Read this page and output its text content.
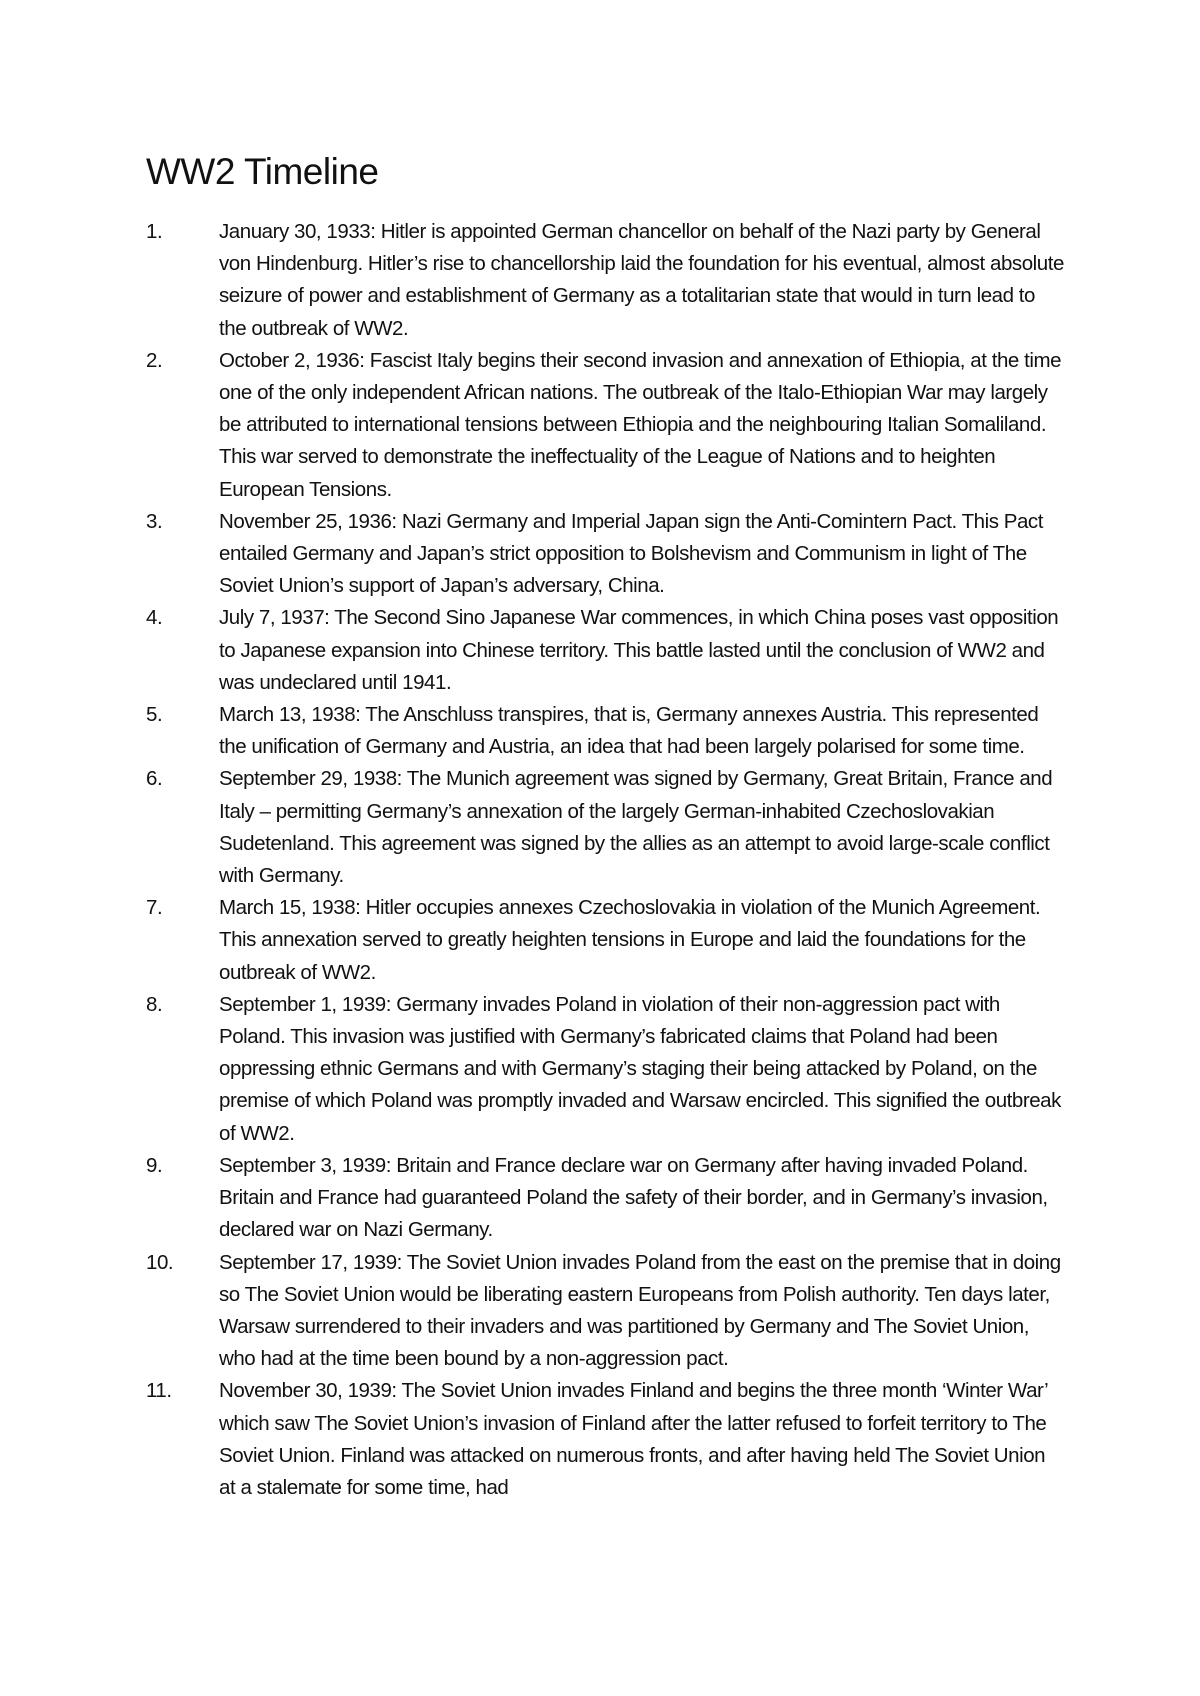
WW2 Timeline
1.	January 30, 1933: Hitler is appointed German chancellor on behalf of the Nazi party by General von Hindenburg. Hitler’s rise to chancellorship laid the foundation for his eventual, almost absolute seizure of power and establishment of Germany as a totalitarian state that would in turn lead to the outbreak of WW2.
2.	October 2, 1936: Fascist Italy begins their second invasion and annexation of Ethiopia, at the time one of the only independent African nations. The outbreak of the Italo-Ethiopian War may largely be attributed to international tensions between Ethiopia and the neighbouring Italian Somaliland. This war served to demonstrate the ineffectuality of the League of Nations and to heighten European Tensions.
3.	November 25, 1936: Nazi Germany and Imperial Japan sign the Anti-Comintern Pact. This Pact entailed Germany and Japan’s strict opposition to Bolshevism and Communism in light of The Soviet Union’s support of Japan’s adversary, China.
4.	July 7, 1937: The Second Sino Japanese War commences, in which China poses vast opposition to Japanese expansion into Chinese territory. This battle lasted until the conclusion of WW2 and was undeclared until 1941.
5.	March 13, 1938: The Anschluss transpires, that is, Germany annexes Austria. This represented the unification of Germany and Austria, an idea that had been largely polarised for some time.
6.	September 29, 1938: The Munich agreement was signed by Germany, Great Britain, France and Italy – permitting Germany’s annexation of the largely German-inhabited Czechoslovakian Sudetenland. This agreement was signed by the allies as an attempt to avoid large-scale conflict with Germany.
7.	March 15, 1938: Hitler occupies annexes Czechoslovakia in violation of the Munich Agreement. This annexation served to greatly heighten tensions in Europe and laid the foundations for the outbreak of WW2.
8.	September 1, 1939: Germany invades Poland in violation of their non-aggression pact with Poland. This invasion was justified with Germany’s fabricated claims that Poland had been oppressing ethnic Germans and with Germany’s staging their being attacked by Poland, on the premise of which Poland was promptly invaded and Warsaw encircled. This signified the outbreak of WW2.
9.	September 3, 1939: Britain and France declare war on Germany after having invaded Poland. Britain and France had guaranteed Poland the safety of their border, and in Germany’s invasion, declared war on Nazi Germany.
10.	September 17, 1939: The Soviet Union invades Poland from the east on the premise that in doing so The Soviet Union would be liberating eastern Europeans from Polish authority. Ten days later, Warsaw surrendered to their invaders and was partitioned by Germany and The Soviet Union, who had at the time been bound by a non-aggression pact.
11.	November 30, 1939: The Soviet Union invades Finland and begins the three month ‘Winter War’ which saw The Soviet Union’s invasion of Finland after the latter refused to forfeit territory to The Soviet Union. Finland was attacked on numerous fronts, and after having held The Soviet Union at a stalemate for some time, had
